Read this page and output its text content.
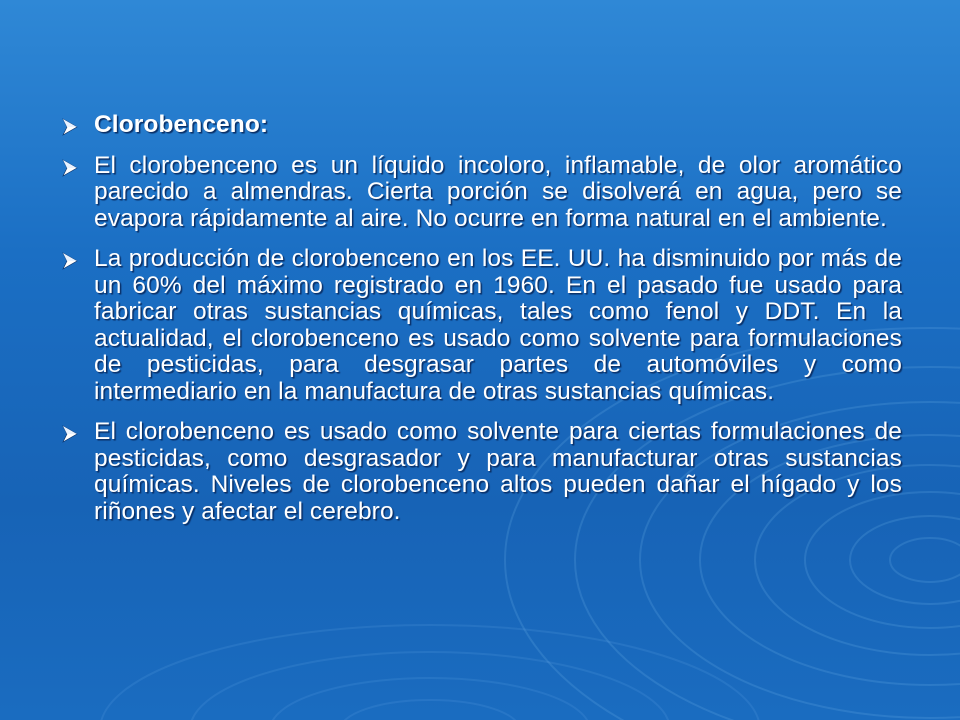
Clorobenceno:
El clorobenceno es un líquido incoloro, inflamable, de olor aromático parecido a almendras. Cierta porción se disolverá en agua, pero se evapora rápidamente al aire. No ocurre en forma natural en el ambiente.
La producción de clorobenceno en los EE. UU. ha disminuido por más de un 60% del máximo registrado en 1960. En el pasado fue usado para fabricar otras sustancias químicas, tales como fenol y DDT. En la actualidad, el clorobenceno es usado como solvente para formulaciones de pesticidas, para desgrasar partes de automóviles y como intermediario en la manufactura de otras sustancias químicas.
El clorobenceno es usado como solvente para ciertas formulaciones de pesticidas, como desgrasador y para manufacturar otras sustancias químicas. Niveles de clorobenceno altos pueden dañar el hígado y los riñones y afectar el cerebro.
